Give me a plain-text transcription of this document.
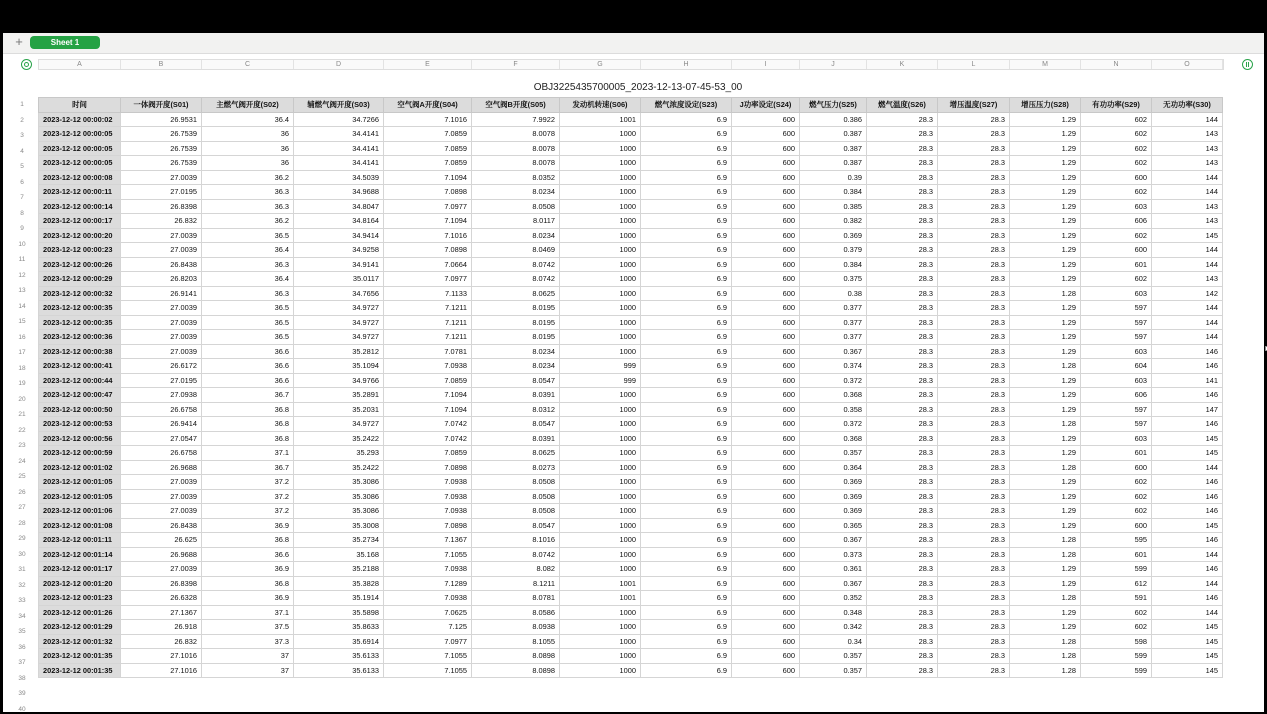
+	Sheet 1
A	B	C	D	E	F	G	H	I	J	K	L	M	N	O
OBJ3225435700005_2023-12-13-07-45-53_00
1
2
3
4
5
6
7
8
9
10
11
12
13
14
15
16
17
18
19
20
21
22
23
24
25
26
27
28
29
30
31
32
33
34
35
36
37
38
39
40
时间	一体阀开度(S01)	主燃气阀开度(S02)	辅燃气阀开度(S03)	空气阀A开度(S04)	空气阀B开度(S05)	发动机转速(S06)	燃气浓度设定(S23)	J功率设定(S24)	燃气压力(S25)	燃气温度(S26)	增压温度(S27)	增压压力(S28)	有功功率(S29)	无功功率(S30)
2023-12-12 00:00:02	26.9531	36.4	34.7266	7.1016	7.9922	1001	6.9	600	0.386	28.3	28.3	1.29	602	144
2023-12-12 00:00:05	26.7539	36	34.4141	7.0859	8.0078	1000	6.9	600	0.387	28.3	28.3	1.29	602	143
2023-12-12 00:00:05	26.7539	36	34.4141	7.0859	8.0078	1000	6.9	600	0.387	28.3	28.3	1.29	602	143
2023-12-12 00:00:05	26.7539	36	34.4141	7.0859	8.0078	1000	6.9	600	0.387	28.3	28.3	1.29	602	143
2023-12-12 00:00:08	27.0039	36.2	34.5039	7.1094	8.0352	1000	6.9	600	0.39	28.3	28.3	1.29	600	144
2023-12-12 00:00:11	27.0195	36.3	34.9688	7.0898	8.0234	1000	6.9	600	0.384	28.3	28.3	1.29	602	144
2023-12-12 00:00:14	26.8398	36.3	34.8047	7.0977	8.0508	1000	6.9	600	0.385	28.3	28.3	1.29	603	143
2023-12-12 00:00:17	26.832	36.2	34.8164	7.1094	8.0117	1000	6.9	600	0.382	28.3	28.3	1.29	606	143
2023-12-12 00:00:20	27.0039	36.5	34.9414	7.1016	8.0234	1000	6.9	600	0.369	28.3	28.3	1.29	602	145
2023-12-12 00:00:23	27.0039	36.4	34.9258	7.0898	8.0469	1000	6.9	600	0.379	28.3	28.3	1.29	600	144
2023-12-12 00:00:26	26.8438	36.3	34.9141	7.0664	8.0742	1000	6.9	600	0.384	28.3	28.3	1.29	601	144
2023-12-12 00:00:29	26.8203	36.4	35.0117	7.0977	8.0742	1000	6.9	600	0.375	28.3	28.3	1.29	602	143
2023-12-12 00:00:32	26.9141	36.3	34.7656	7.1133	8.0625	1000	6.9	600	0.38	28.3	28.3	1.28	603	142
2023-12-12 00:00:35	27.0039	36.5	34.9727	7.1211	8.0195	1000	6.9	600	0.377	28.3	28.3	1.29	597	144
2023-12-12 00:00:35	27.0039	36.5	34.9727	7.1211	8.0195	1000	6.9	600	0.377	28.3	28.3	1.29	597	144
2023-12-12 00:00:36	27.0039	36.5	34.9727	7.1211	8.0195	1000	6.9	600	0.377	28.3	28.3	1.29	597	144
2023-12-12 00:00:38	27.0039	36.6	35.2812	7.0781	8.0234	1000	6.9	600	0.367	28.3	28.3	1.29	603	146
2023-12-12 00:00:41	26.6172	36.6	35.1094	7.0938	8.0234	999	6.9	600	0.374	28.3	28.3	1.28	604	146
2023-12-12 00:00:44	27.0195	36.6	34.9766	7.0859	8.0547	999	6.9	600	0.372	28.3	28.3	1.29	603	141
2023-12-12 00:00:47	27.0938	36.7	35.2891	7.1094	8.0391	1000	6.9	600	0.368	28.3	28.3	1.29	606	146
2023-12-12 00:00:50	26.6758	36.8	35.2031	7.1094	8.0312	1000	6.9	600	0.358	28.3	28.3	1.29	597	147
2023-12-12 00:00:53	26.9414	36.8	34.9727	7.0742	8.0547	1000	6.9	600	0.372	28.3	28.3	1.28	597	146
2023-12-12 00:00:56	27.0547	36.8	35.2422	7.0742	8.0391	1000	6.9	600	0.368	28.3	28.3	1.29	603	145
2023-12-12 00:00:59	26.6758	37.1	35.293	7.0859	8.0625	1000	6.9	600	0.357	28.3	28.3	1.29	601	145
2023-12-12 00:01:02	26.9688	36.7	35.2422	7.0898	8.0273	1000	6.9	600	0.364	28.3	28.3	1.28	600	144
2023-12-12 00:01:05	27.0039	37.2	35.3086	7.0938	8.0508	1000	6.9	600	0.369	28.3	28.3	1.29	602	146
2023-12-12 00:01:05	27.0039	37.2	35.3086	7.0938	8.0508	1000	6.9	600	0.369	28.3	28.3	1.29	602	146
2023-12-12 00:01:06	27.0039	37.2	35.3086	7.0938	8.0508	1000	6.9	600	0.369	28.3	28.3	1.29	602	146
2023-12-12 00:01:08	26.8438	36.9	35.3008	7.0898	8.0547	1000	6.9	600	0.365	28.3	28.3	1.29	600	145
2023-12-12 00:01:11	26.625	36.8	35.2734	7.1367	8.1016	1000	6.9	600	0.367	28.3	28.3	1.28	595	146
2023-12-12 00:01:14	26.9688	36.6	35.168	7.1055	8.0742	1000	6.9	600	0.373	28.3	28.3	1.28	601	144
2023-12-12 00:01:17	27.0039	36.9	35.2188	7.0938	8.082	1000	6.9	600	0.361	28.3	28.3	1.29	599	146
2023-12-12 00:01:20	26.8398	36.8	35.3828	7.1289	8.1211	1001	6.9	600	0.367	28.3	28.3	1.29	612	144
2023-12-12 00:01:23	26.6328	36.9	35.1914	7.0938	8.0781	1001	6.9	600	0.352	28.3	28.3	1.28	591	146
2023-12-12 00:01:26	27.1367	37.1	35.5898	7.0625	8.0586	1000	6.9	600	0.348	28.3	28.3	1.29	602	144
2023-12-12 00:01:29	26.918	37.5	35.8633	7.125	8.0938	1000	6.9	600	0.342	28.3	28.3	1.29	602	145
2023-12-12 00:01:32	26.832	37.3	35.6914	7.0977	8.1055	1000	6.9	600	0.34	28.3	28.3	1.28	598	145
2023-12-12 00:01:35	27.1016	37	35.6133	7.1055	8.0898	1000	6.9	600	0.357	28.3	28.3	1.28	599	145
2023-12-12 00:01:35	27.1016	37	35.6133	7.1055	8.0898	1000	6.9	600	0.357	28.3	28.3	1.28	599	145
